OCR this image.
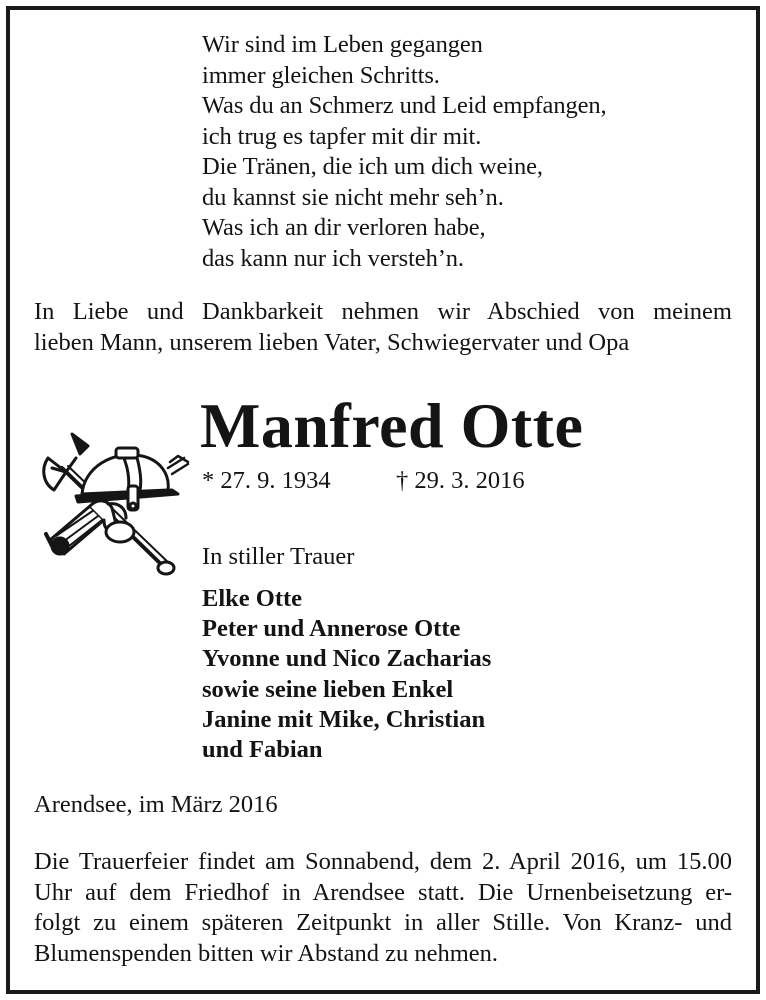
Wir sind im Leben gegangen
immer gleichen Schritts.
Was du an Schmerz und Leid empfangen,
ich trug es tapfer mit dir mit.
Die Tränen, die ich um dich weine,
du kannst sie nicht mehr seh’n.
Was ich an dir verloren habe,
das kann nur ich versteh’n.
In Liebe und Dankbarkeit nehmen wir Abschied von meinem
lieben Mann, unserem lieben Vater, Schwiegervater und Opa
Manfred Otte
* 27. 9. 1934	† 29. 3. 2016
In stiller Trauer
Elke Otte
Peter und Annerose Otte
Yvonne und Nico Zacharias
sowie seine lieben Enkel
Janine mit Mike, Christian
und Fabian
Arendsee, im März 2016
Die Trauerfeier findet am Sonnabend, dem 2. April 2016, um 15.00
Uhr auf dem Friedhof in Arendsee statt. Die Urnenbeisetzung er-
folgt zu einem späteren Zeitpunkt in aller Stille. Von Kranz- und
Blumenspenden bitten wir Abstand zu nehmen.
